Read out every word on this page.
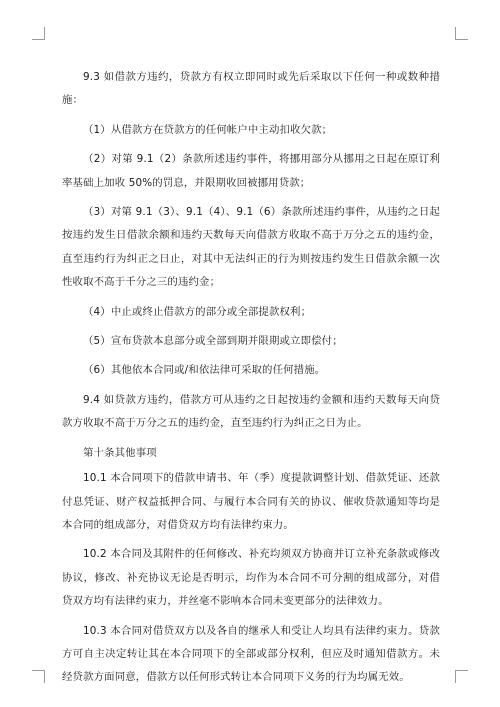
9.3 如借款方违约，贷款方有权立即同时或先后采取以下任何一种或数种措施：

（1）从借款方在贷款方的任何帐户中主动扣收欠款；

（2）对第 9.1（2）条款所述违约事件，将挪用部分从挪用之日起在原订利率基础上加收 50%的罚息，并限期收回被挪用贷款；

（3）对第 9.1（3）、9.1（4）、9.1（6）条款所述违约事件，从违约之日起按违约发生日借款余额和违约天数每天向借款方收取不高于万分之五的违约金，直至违约行为纠正之日止，对其中无法纠正的行为则按违约发生日借款余额一次性收取不高于千分之三的违约金；

（4）中止或终止借款方的部分或全部提款权利；

（5）宣布贷款本息部分或全部到期并限期或立即偿付；

（6）其他依本合同或/和依法律可采取的任何措施。

9.4 如贷款方违约，借款方可从违约之日起按违约金额和违约天数每天向贷款方收取不高于万分之五的违约金，直至违约行为纠正之日为止。

第十条其他事项

10.1 本合同项下的借款申请书、年（季）度提款调整计划、借款凭证、还款付息凭证、财产权益抵押合同、与履行本合同有关的协议、催收贷款通知等均是本合同的组成部分，对借贷双方均有法律约束力。

10.2 本合同及其附件的任何修改、补充均须双方协商并订立补充条款或修改协议，修改、补充协议无论是否明示，均作为本合同不可分割的组成部分，对借贷双方均有法律约束力，并丝毫不影响本合同未变更部分的法律效力。

10.3 本合同对借贷双方以及各自的继承人和受让人均具有法律约束力。贷款方可自主决定转让其在本合同项下的全部或部分权利，但应及时通知借款方。未经贷款方面同意，借款方以任何形式转让本合同项下义务的行为均属无效。
